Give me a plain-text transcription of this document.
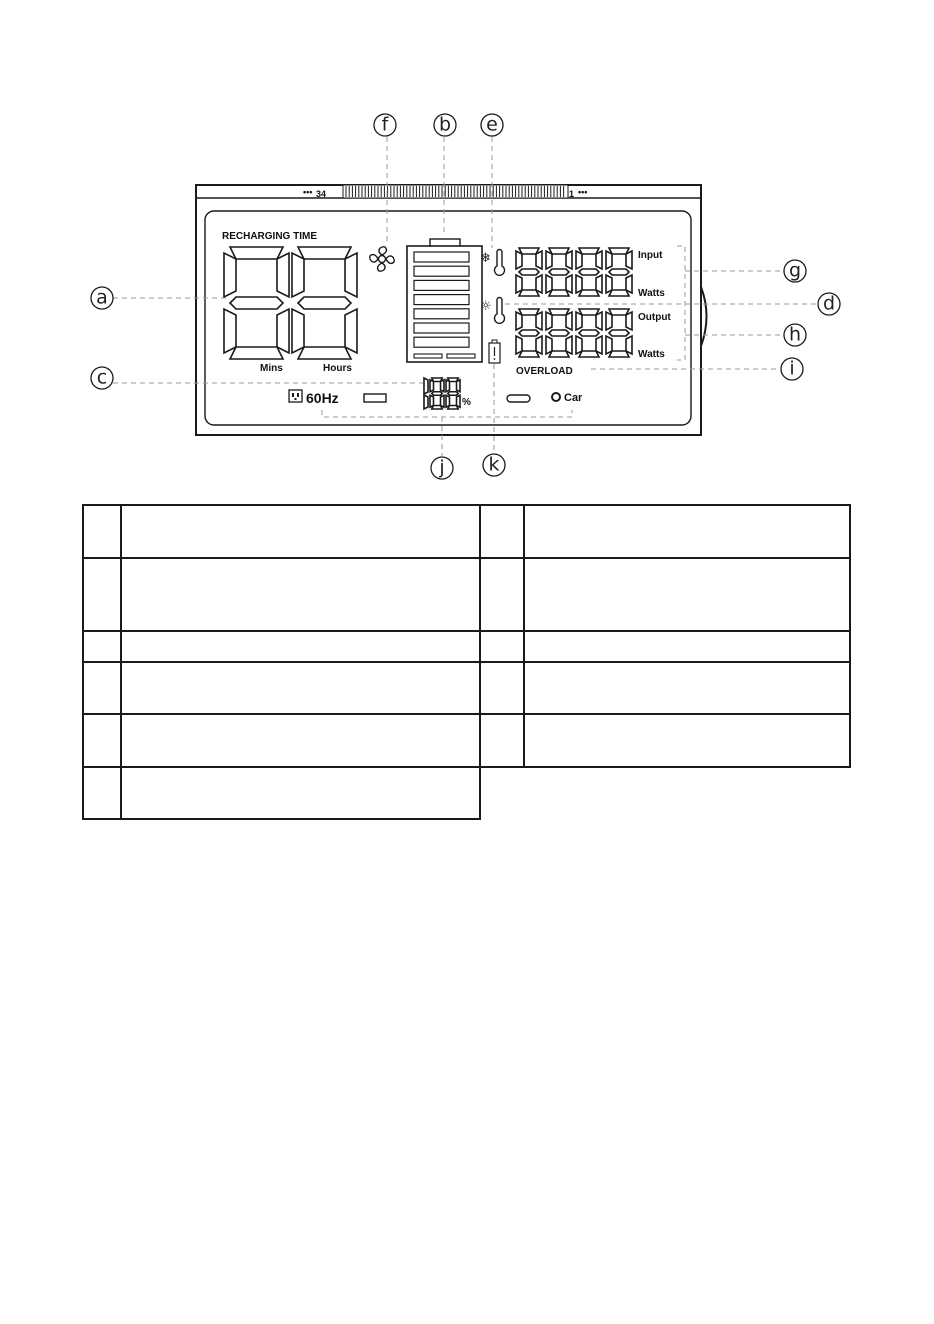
34	1
•••	•••
RECHARGING TIME
Mins	Hours
❄
☼
Input
Watts
Output
Watts
OVERLOAD
60Hz	%	Car
a
c
b
d
e
f
g
h
i
j k
